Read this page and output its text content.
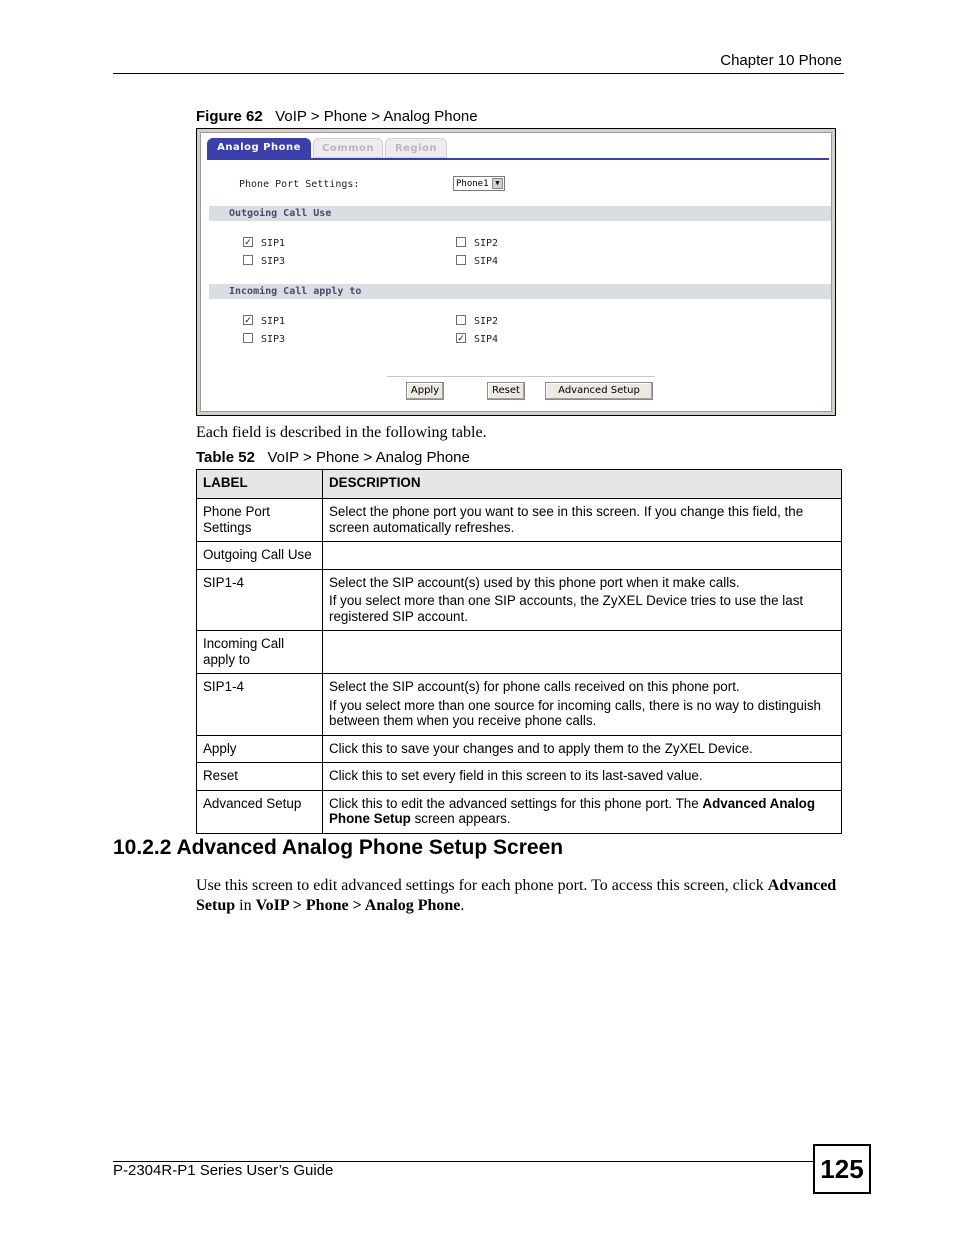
Chapter 10 Phone
Figure 62 VoIP > Phone > Analog Phone
Analog Phone	Common	Region
Phone Port Settings:	Phone1 ▼
Outgoing Call Use
✓ SIP1	SIP2
SIP3	SIP4
Incoming Call apply to
✓ SIP1	SIP2
SIP3	✓ SIP4
Apply	Reset	Advanced Setup
Each field is described in the following table.
Table 52 VoIP > Phone > Analog Phone
LABEL	DESCRIPTION
Phone Port Settings	Select the phone port you want to see in this screen. If you change this field, the screen automatically refreshes.
Outgoing Call Use	
SIP1-4	Select the SIP account(s) used by this phone port when it make calls.
If you select more than one SIP accounts, the ZyXEL Device tries to use the last registered SIP account.

Incoming Call apply to	
SIP1-4	Select the SIP account(s) for phone calls received on this phone port.
If you select more than one source for incoming calls, there is no way to distinguish between them when you receive phone calls.

Apply	Click this to save your changes and to apply them to the ZyXEL Device.
Reset	Click this to set every field in this screen to its last-saved value.
Advanced Setup	Click this to edit the advanced settings for this phone port. The Advanced Analog Phone Setup screen appears.
10.2.2 Advanced Analog Phone Setup Screen
Use this screen to edit advanced settings for each phone port. To access this screen, click Advanced Setup in VoIP > Phone > Analog Phone.
P-2304R-P1 Series User’s Guide	125
